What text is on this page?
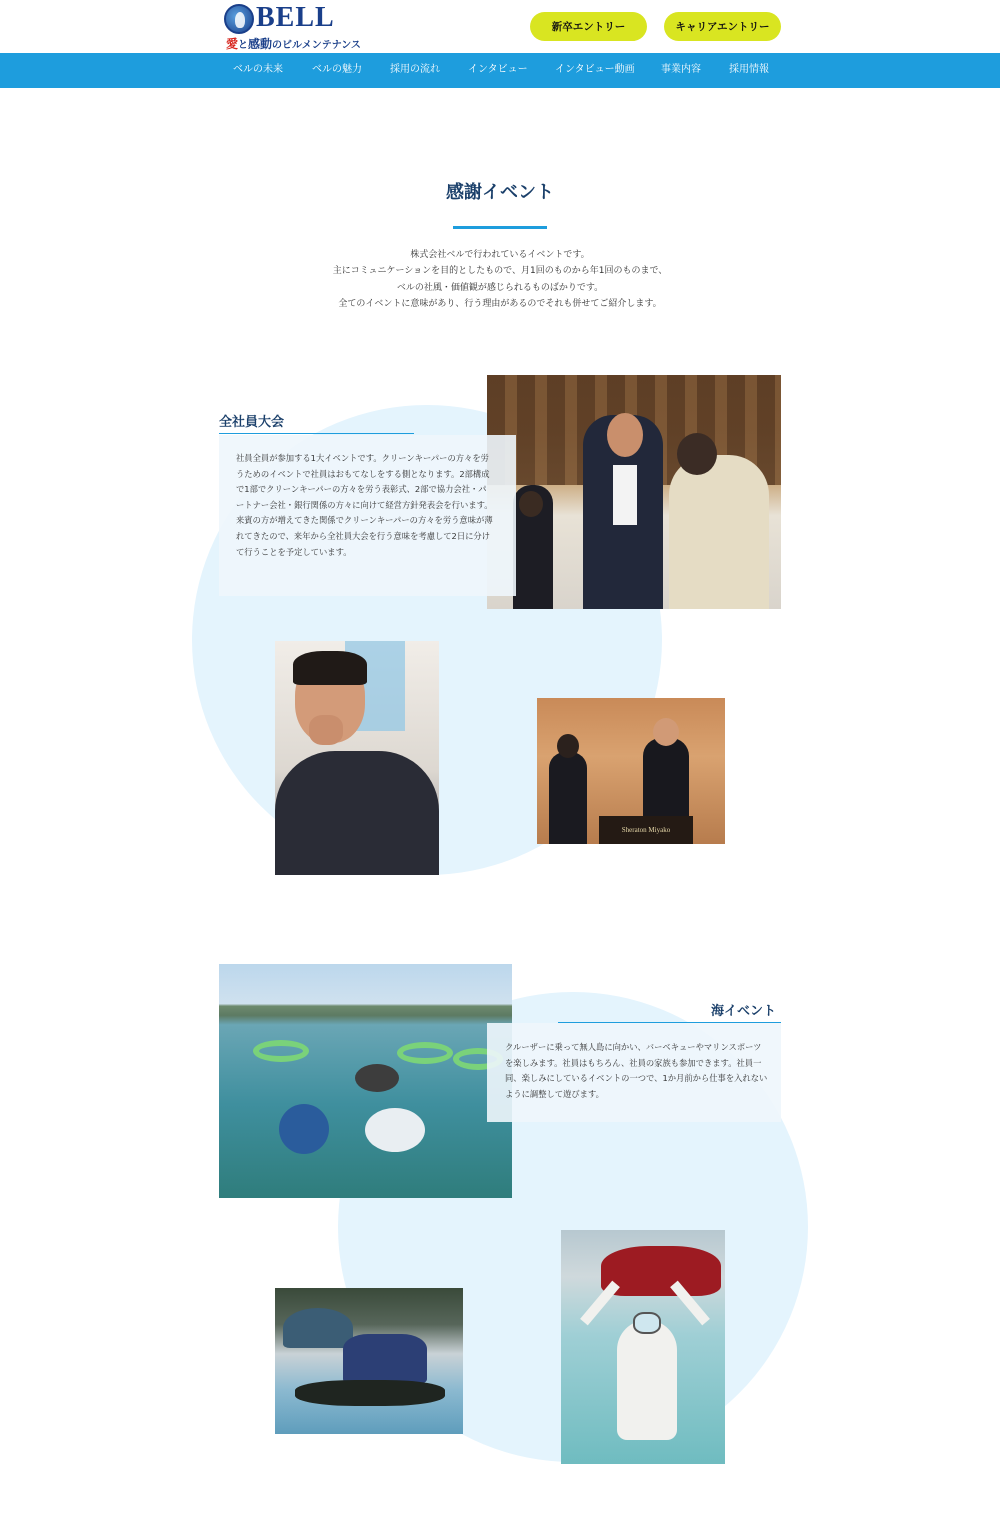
BELL
愛と感動のビルメンテナンス
新卒エントリー	キャリアエントリー
ベルの未来	ベルの魅力	採用の流れ	インタビュー	インタビュー動画	事業内容	採用情報
感謝イベント

株式会社ベルで行われているイベントです。

主にコミュニケーションを目的としたもので、月1回のものから年1回のものまで、

ベルの社風・価値観が感じられるものばかりです。

全てのイベントに意味があり、行う理由があるのでそれも併せてご紹介します。

全社員大会

社員全員が参加する1大イベントです。クリーンキーパーの方々を労うためのイベントで社員はおもてなしをする側となります。2部構成で1部でクリーンキーパーの方々を労う表彰式、2部で協力会社・パートナー会社・銀行関係の方々に向けて経営方針発表会を行います。来賓の方が増えてきた関係でクリーンキーパーの方々を労う意味が薄れてきたので、来年から全社員大会を行う意味を考慮して2日に分けて行うことを予定しています。

Sheraton Miyako
海イベント

クルーザーに乗って無人島に向かい、バーベキューやマリンスポーツを楽しみます。社員はもちろん、社員の家族も参加できます。社員一同、楽しみにしているイベントの一つで、1か月前から仕事を入れないように調整して遊びます。
